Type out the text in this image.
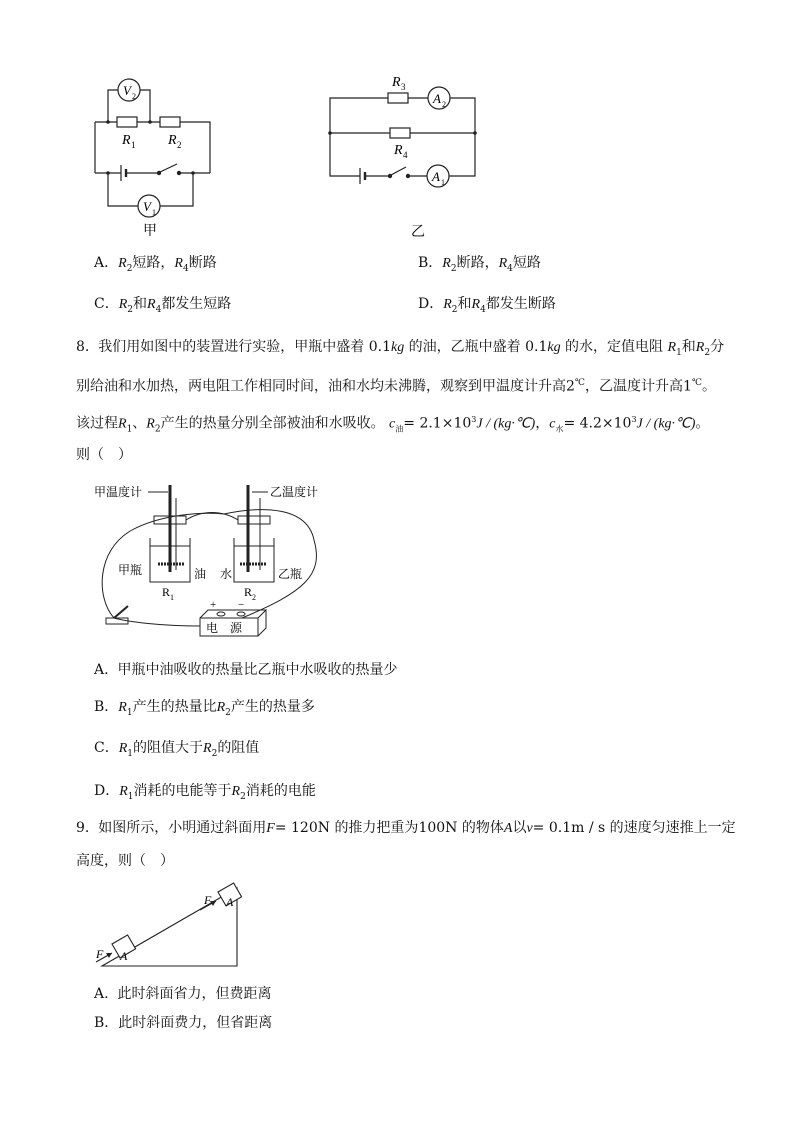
V 2
R 1 R 2
V 1
甲
R 3
A 2
R 4
A 1
乙
A．$R_2$短路，$R_4$断路	B．$R_2$断路，$R_4$短路
C．$R_2$和$R_4$都发生短路	D．$R_2$和$R_4$都发生断路
8. 我们用如图中的装置进行实验，甲瓶中盛着 0.1kg 的油，乙瓶中盛着 0.1kg 的水，定值电阻 $R_1$和$R_2$分
别给油和水加热，两电阻工作相同时间，油和水均未沸腾，观察到甲温度计升高2℃，乙温度计升高1℃。
该过程$R_1$、$R_2$产生的热量分别全部被油和水吸收。 $c_油= 2.1\times 10^3J$ / (kg·℃)，$c_水= 4.2\times 10^3J$ / (kg·℃)。
则（　）
甲温度计	乙温度计
甲瓶	油 水	乙瓶
R 1	R 2
+ −
电　源
A. 甲瓶中油吸收的热量比乙瓶中水吸收的热量少
B．$R_1$产生的热量比$R_2$产生的热量多
C．$R_1$的阻值大于$R_2$的阻值
D．$R_1$消耗的电能等于$R_2$消耗的电能
9. 如图所示，小明通过斜面用F= 120N 的推力把重为100N 的物体A以v= 0.1m / s 的速度匀速推上一定
高度，则（　）
F A
F A
A. 此时斜面省力，但费距离
B．此时斜面费力，但省距离
